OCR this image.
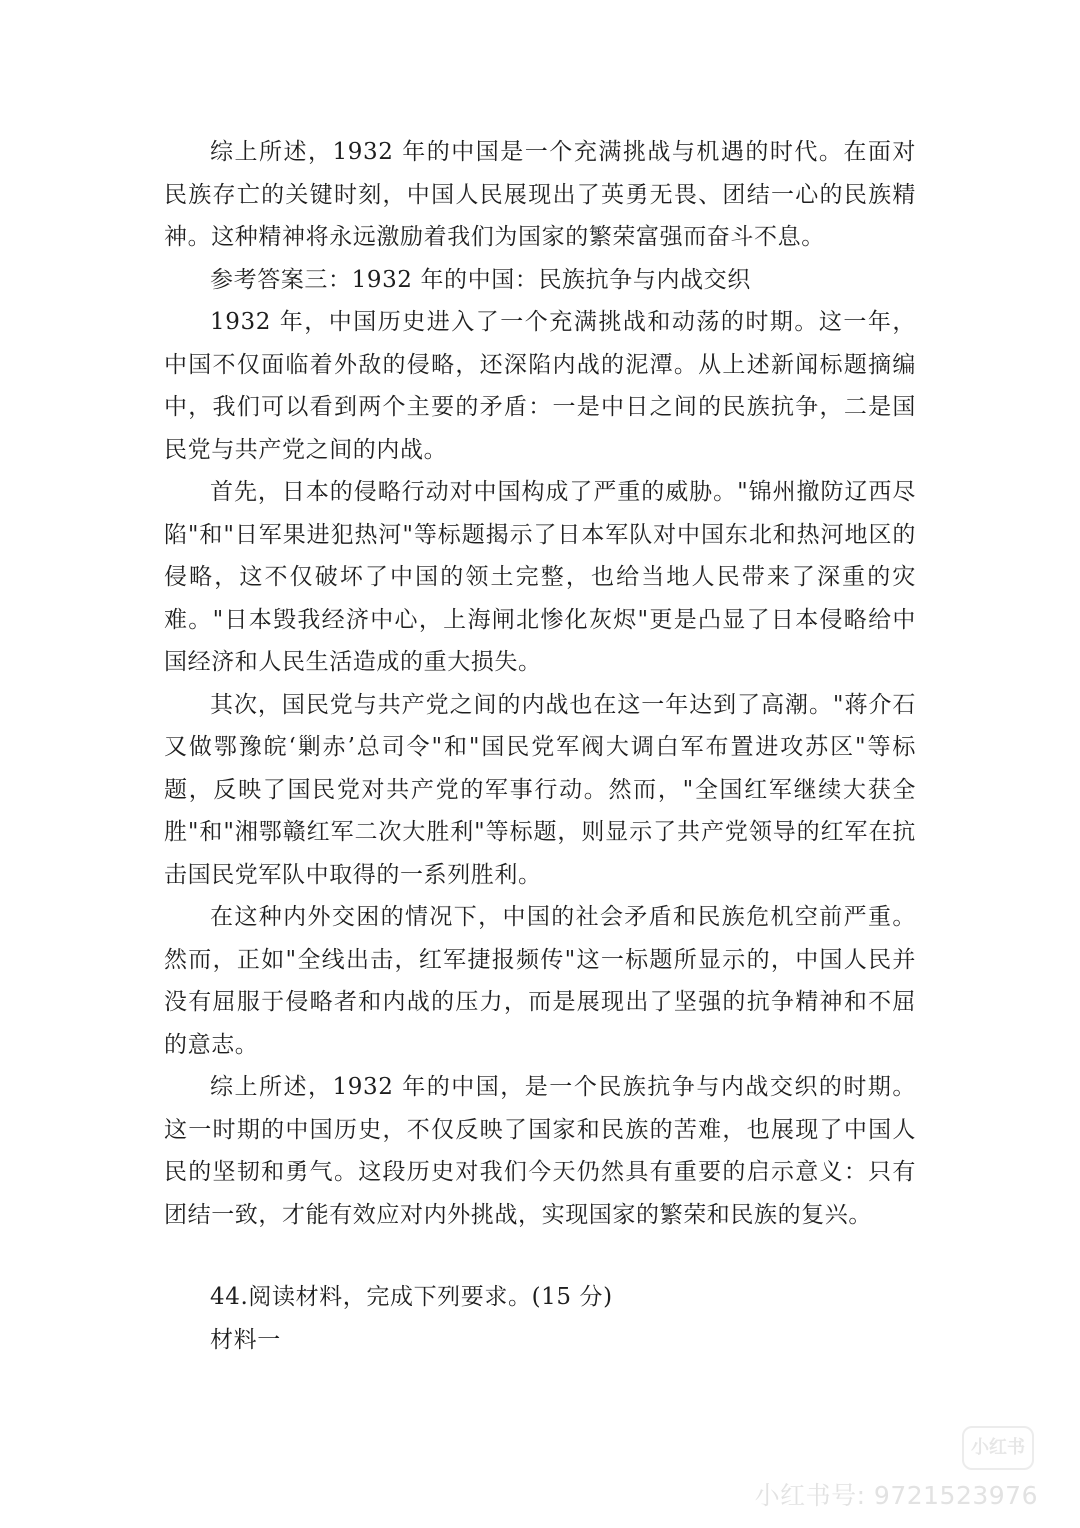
综上所述，1932 年的中国是一个充满挑战与机遇的时代。在面对民族存亡的关键时刻，中国人民展现出了英勇无畏、团结一心的民族精神。这种精神将永远激励着我们为国家的繁荣富强而奋斗不息。

参考答案三：1932 年的中国：民族抗争与内战交织

1932 年，中国历史进入了一个充满挑战和动荡的时期。这一年，中国不仅面临着外敌的侵略，还深陷内战的泥潭。从上述新闻标题摘编中，我们可以看到两个主要的矛盾：一是中日之间的民族抗争，二是国民党与共产党之间的内战。

首先，日本的侵略行动对中国构成了严重的威胁。"锦州撤防辽西尽陷"和"日军果进犯热河"等标题揭示了日本军队对中国东北和热河地区的侵略，这不仅破坏了中国的领土完整，也给当地人民带来了深重的灾难。"日本毁我经济中心，上海闸北惨化灰烬"更是凸显了日本侵略给中国经济和人民生活造成的重大损失。

其次，国民党与共产党之间的内战也在这一年达到了高潮。"蒋介石又做鄂豫皖‘剿赤’总司令"和"国民党军阀大调白军布置进攻苏区"等标题，反映了国民党对共产党的军事行动。然而，"全国红军继续大获全胜"和"湘鄂赣红军二次大胜利"等标题，则显示了共产党领导的红军在抗击国民党军队中取得的一系列胜利。

在这种内外交困的情况下，中国的社会矛盾和民族危机空前严重。然而，正如"全线出击，红军捷报频传"这一标题所显示的，中国人民并没有屈服于侵略者和内战的压力，而是展现出了坚强的抗争精神和不屈的意志。

综上所述，1932 年的中国，是一个民族抗争与内战交织的时期。这一时期的中国历史，不仅反映了国家和民族的苦难，也展现了中国人民的坚韧和勇气。这段历史对我们今天仍然具有重要的启示意义：只有团结一致，才能有效应对内外挑战，实现国家的繁荣和民族的复兴。

44.阅读材料，完成下列要求。(15 分)

材料一

小红书
小红书号: 9721523976
